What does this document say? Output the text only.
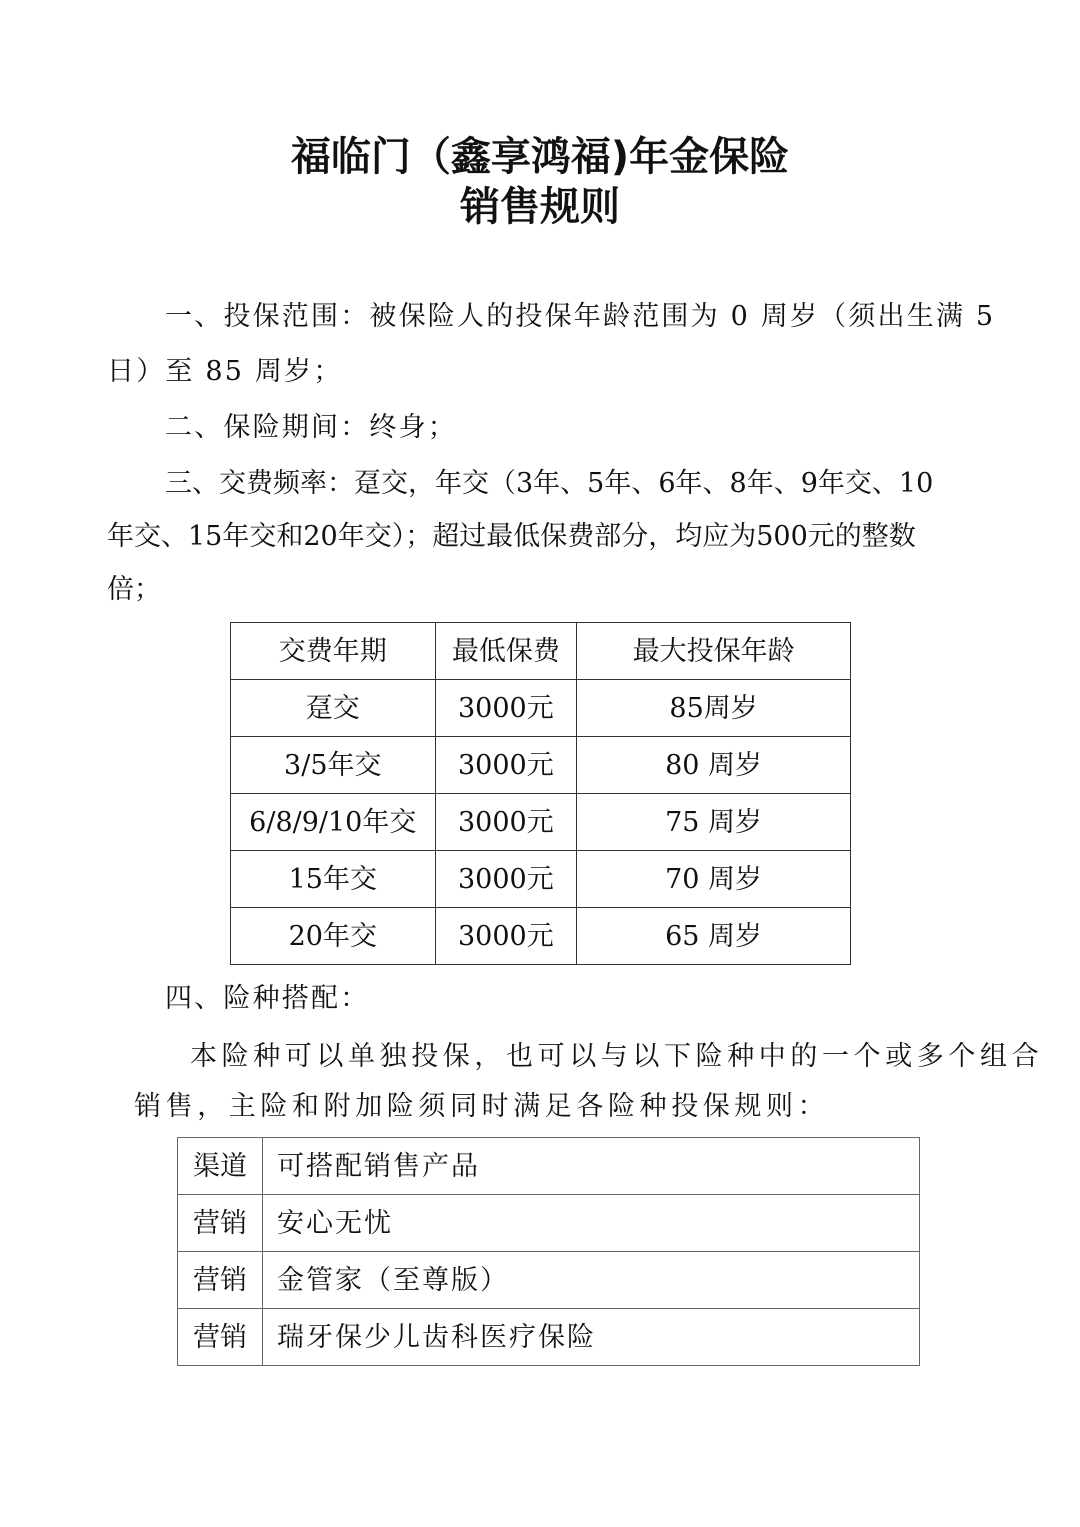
福临门（鑫享鸿福)年金保险
销售规则
一、投保范围：被保险人的投保年龄范围为 0 周岁（须出生满 5
日）至 85 周岁；
二、保险期间：终身；
三、交费频率：趸交，年交（3年、5年、6年、8年、9年交、10
年交、15年交和20年交）；超过最低保费部分，均应为500元的整数
倍；
交费年期	最低保费	最大投保年龄
趸交	3000元	85周岁
3/5年交	3000元	80 周岁
6/8/9/10年交	3000元	75 周岁
15年交	3000元	70 周岁
20年交	3000元	65 周岁
四、险种搭配：
本险种可以单独投保，也可以与以下险种中的一个或多个组合
销售，主险和附加险须同时满足各险种投保规则：
渠道	可搭配销售产品
营销	安心无忧
营销	金管家（至尊版）
营销	瑞牙保少儿齿科医疗保险
